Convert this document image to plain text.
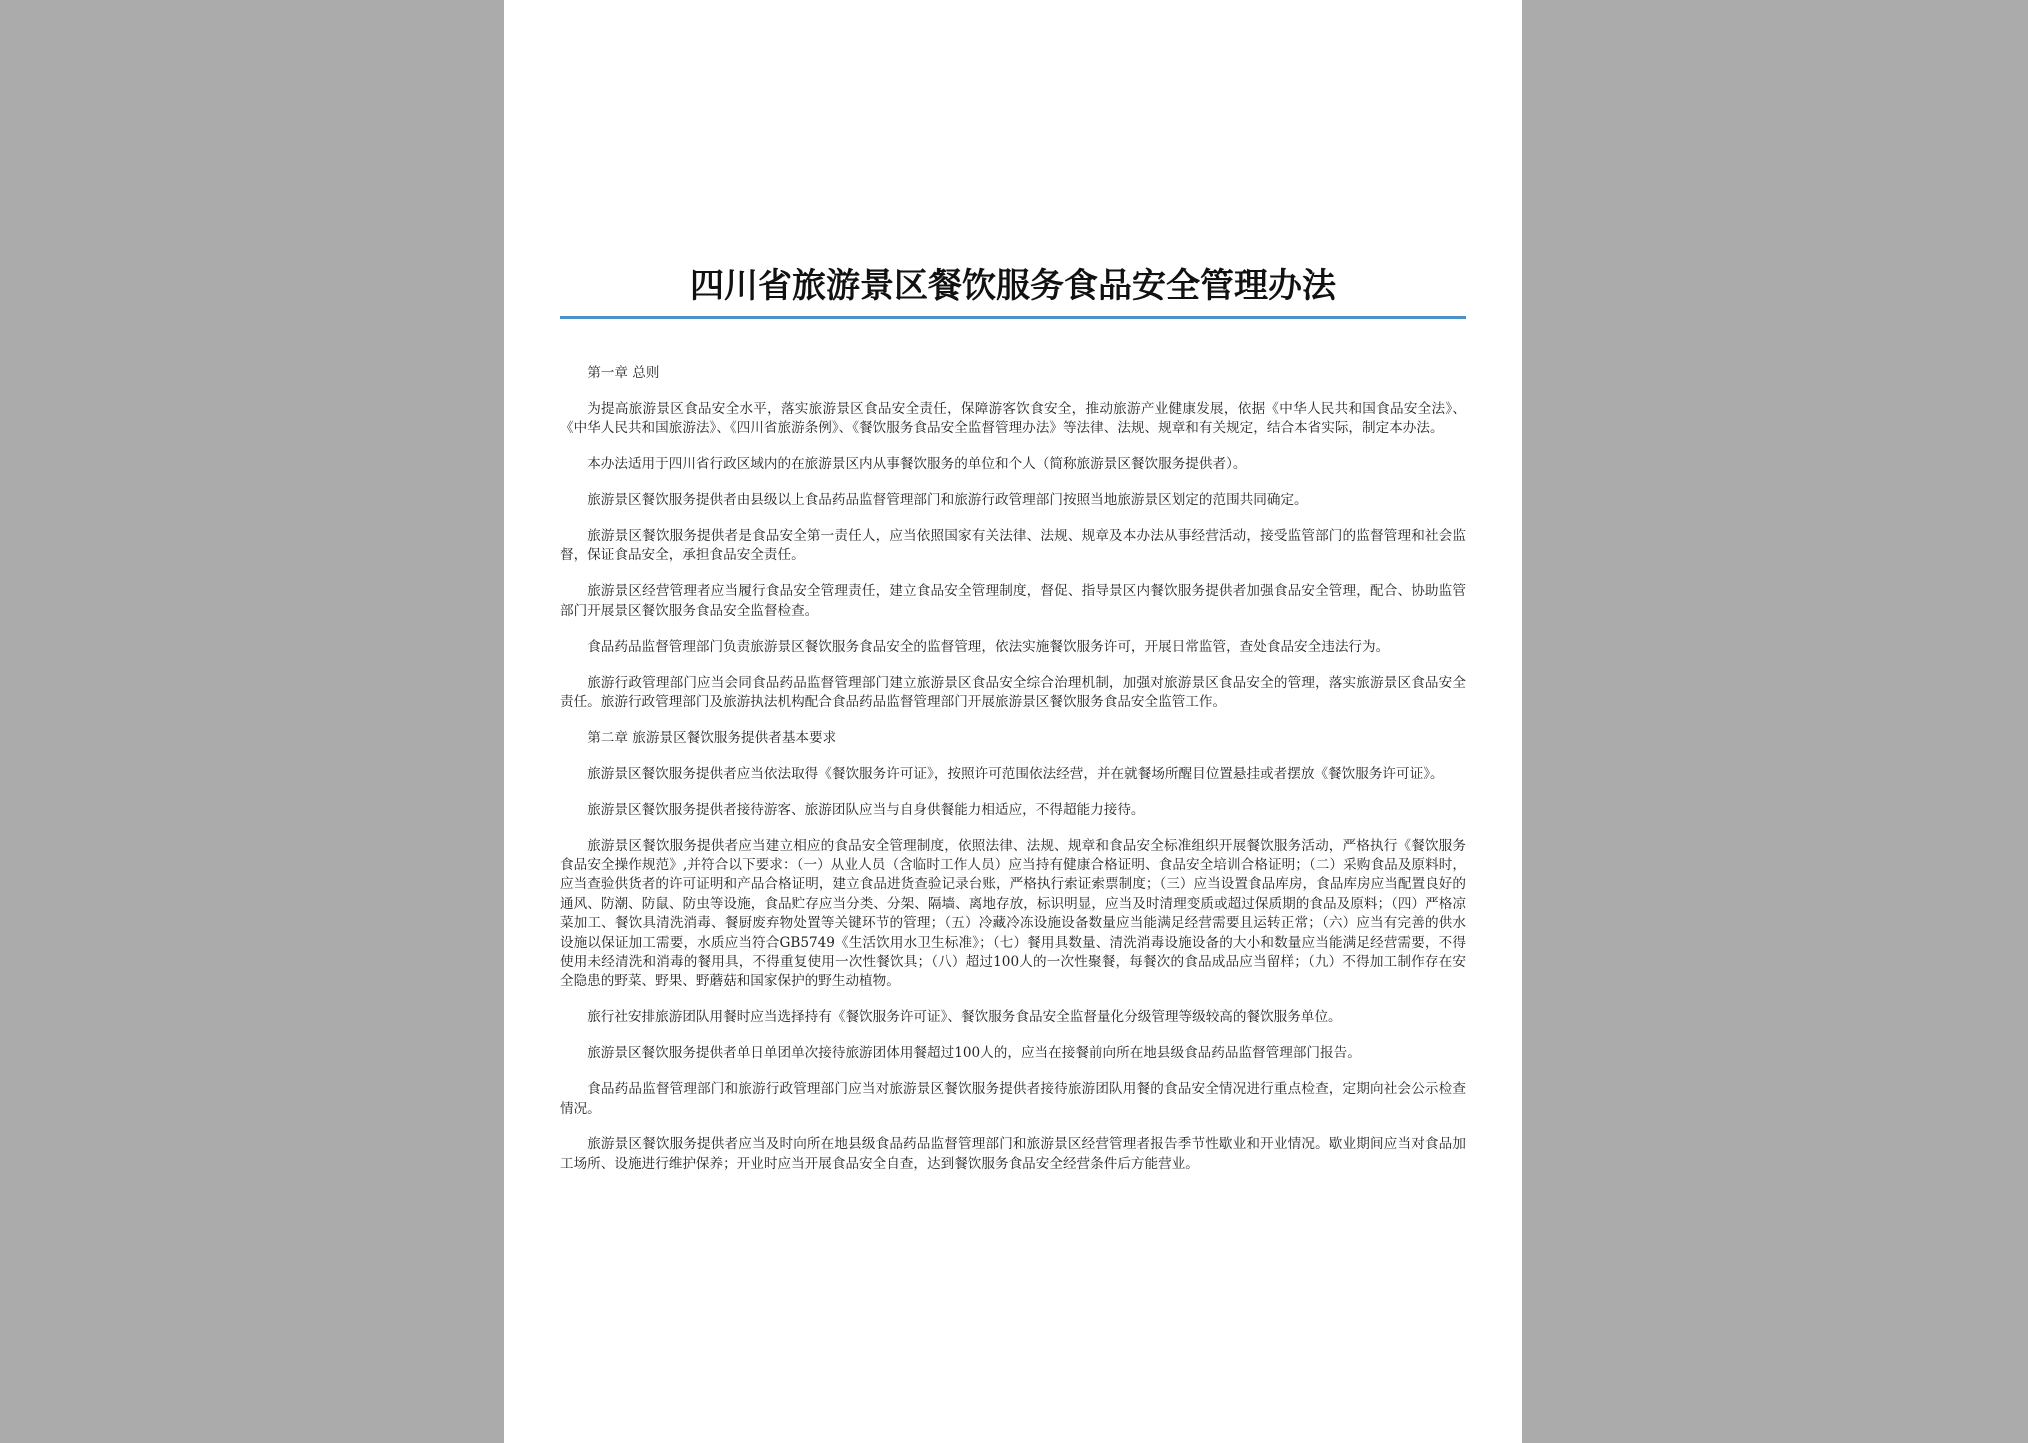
四川省旅游景区餐饮服务食品安全管理办法

第一章 总则

为提高旅游景区食品安全水平，落实旅游景区食品安全责任，保障游客饮食安全，推动旅游产业健康发展，依据《中华人民共和国食品安全法》、《中华人民共和国旅游法》、《四川省旅游条例》、《餐饮服务食品安全监督管理办法》等法律、法规、规章和有关规定，结合本省实际，制定本办法。

本办法适用于四川省行政区域内的在旅游景区内从事餐饮服务的单位和个人（简称旅游景区餐饮服务提供者）。

旅游景区餐饮服务提供者由县级以上食品药品监督管理部门和旅游行政管理部门按照当地旅游景区划定的范围共同确定。

旅游景区餐饮服务提供者是食品安全第一责任人，应当依照国家有关法律、法规、规章及本办法从事经营活动，接受监管部门的监督管理和社会监督，保证食品安全，承担食品安全责任。

旅游景区经营管理者应当履行食品安全管理责任，建立食品安全管理制度，督促、指导景区内餐饮服务提供者加强食品安全管理，配合、协助监管部门开展景区餐饮服务食品安全监督检查。

食品药品监督管理部门负责旅游景区餐饮服务食品安全的监督管理，依法实施餐饮服务许可，开展日常监管，查处食品安全违法行为。

旅游行政管理部门应当会同食品药品监督管理部门建立旅游景区食品安全综合治理机制，加强对旅游景区食品安全的管理，落实旅游景区食品安全责任。旅游行政管理部门及旅游执法机构配合食品药品监督管理部门开展旅游景区餐饮服务食品安全监管工作。

第二章 旅游景区餐饮服务提供者基本要求

旅游景区餐饮服务提供者应当依法取得《餐饮服务许可证》，按照许可范围依法经营，并在就餐场所醒目位置悬挂或者摆放《餐饮服务许可证》。

旅游景区餐饮服务提供者接待游客、旅游团队应当与自身供餐能力相适应，不得超能力接待。

旅游景区餐饮服务提供者应当建立相应的食品安全管理制度，依照法律、法规、规章和食品安全标准组织开展餐饮服务活动，严格执行《餐饮服务食品安全操作规范》,并符合以下要求：（一）从业人员（含临时工作人员）应当持有健康合格证明、食品安全培训合格证明；（二）采购食品及原料时，应当查验供货者的许可证明和产品合格证明，建立食品进货查验记录台账，严格执行索证索票制度；（三）应当设置食品库房，食品库房应当配置良好的通风、防潮、防鼠、防虫等设施，食品贮存应当分类、分架、隔墙、离地存放，标识明显，应当及时清理变质或超过保质期的食品及原料；（四）严格凉菜加工、餐饮具清洗消毒、餐厨废弃物处置等关键环节的管理；（五）冷藏冷冻设施设备数量应当能满足经营需要且运转正常；（六）应当有完善的供水设施以保证加工需要，水质应当符合GB5749《生活饮用水卫生标准》；（七）餐用具数量、清洗消毒设施设备的大小和数量应当能满足经营需要，不得使用未经清洗和消毒的餐用具，不得重复使用一次性餐饮具；（八）超过100人的一次性聚餐，每餐次的食品成品应当留样；（九）不得加工制作存在安全隐患的野菜、野果、野蘑菇和国家保护的野生动植物。

旅行社安排旅游团队用餐时应当选择持有《餐饮服务许可证》、餐饮服务食品安全监督量化分级管理等级较高的餐饮服务单位。

旅游景区餐饮服务提供者单日单团单次接待旅游团体用餐超过100人的，应当在接餐前向所在地县级食品药品监督管理部门报告。

食品药品监督管理部门和旅游行政管理部门应当对旅游景区餐饮服务提供者接待旅游团队用餐的食品安全情况进行重点检查，定期向社会公示检查情况。

旅游景区餐饮服务提供者应当及时向所在地县级食品药品监督管理部门和旅游景区经营管理者报告季节性歇业和开业情况。歇业期间应当对食品加工场所、设施进行维护保养；开业时应当开展食品安全自查，达到餐饮服务食品安全经营条件后方能营业。
